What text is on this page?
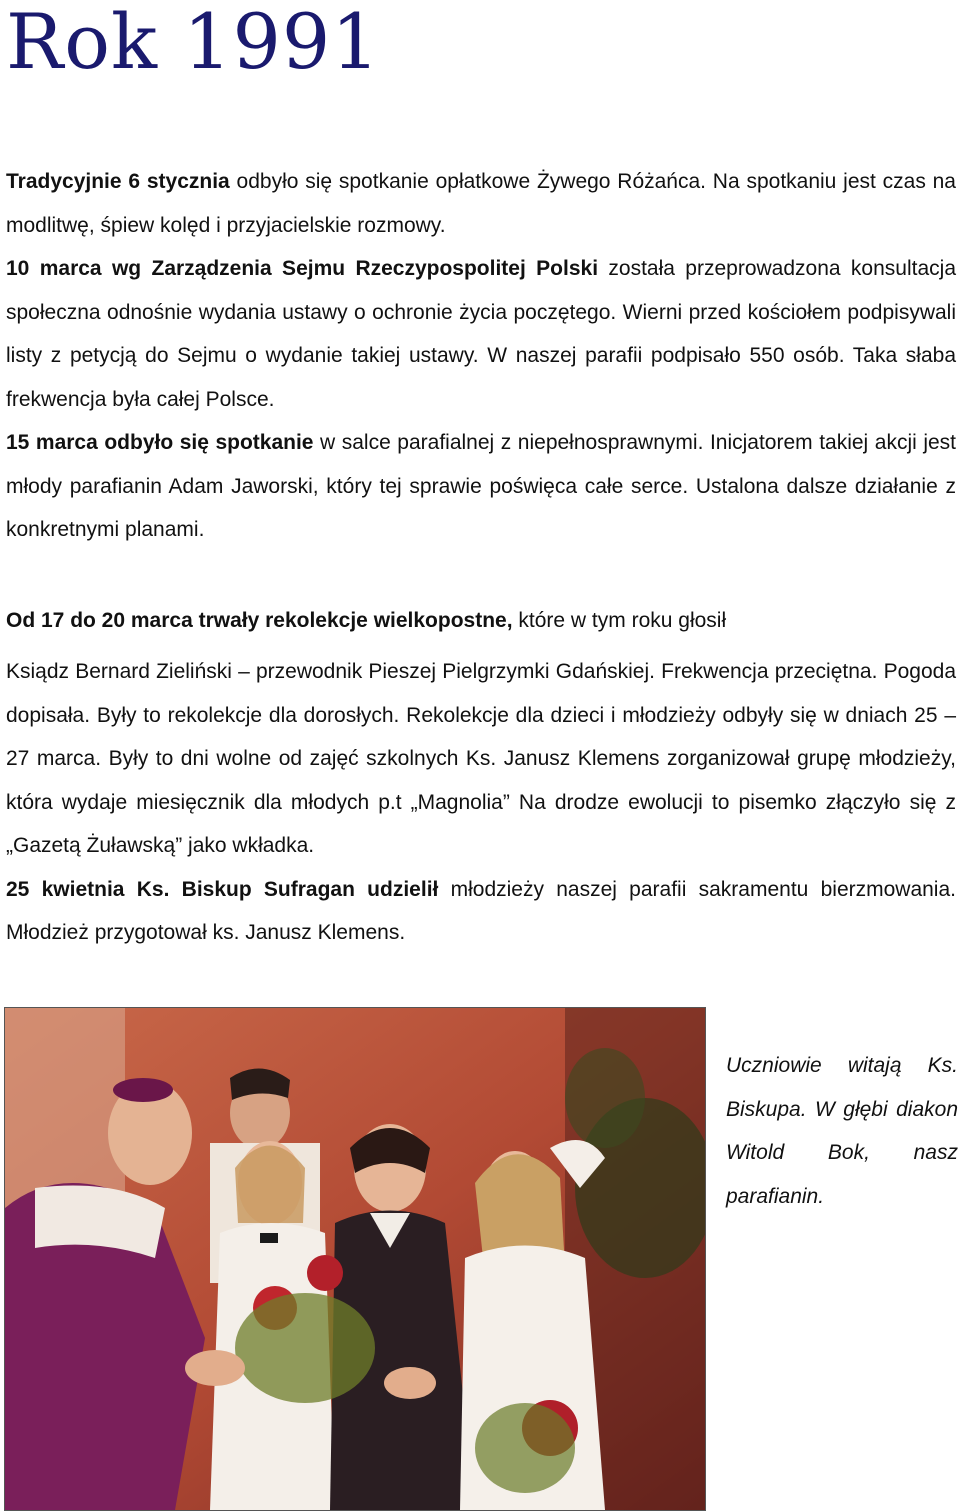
Rok 1991

Tradycyjnie 6 stycznia odbyło się spotkanie opłatkowe Żywego Różańca. Na spotkaniu jest czas na modlitwę, śpiew kolęd i przyjacielskie rozmowy.

10 marca wg Zarządzenia Sejmu Rzeczypospolitej Polski została przeprowadzona konsultacja społeczna odnośnie wydania ustawy o ochronie życia poczętego. Wierni przed kościołem podpisywali listy z petycją do Sejmu o wydanie takiej ustawy. W naszej parafii podpisało 550 osób. Taka słaba frekwencja była całej Polsce.

15 marca odbyło się spotkanie w salce parafialnej z niepełnosprawnymi. Inicjatorem takiej akcji jest młody parafianin Adam Jaworski, który tej sprawie poświęca całe serce. Ustalona dalsze działanie z konkretnymi planami.

Od 17 do 20 marca trwały rekolekcje wielkopostne, które w tym roku głosił

Ksiądz Bernard Zieliński – przewodnik Pieszej Pielgrzymki Gdańskiej. Frekwencja przeciętna. Pogoda dopisała. Były to rekolekcje dla dorosłych. Rekolekcje dla dzieci i młodzieży odbyły się w dniach 25 – 27 marca. Były to dni wolne od zajęć szkolnych Ks. Janusz Klemens zorganizował grupę młodzieży, która wydaje miesięcznik dla młodych p.t „Magnolia” Na drodze ewolucji to pisemko złączyło się z „Gazetą Żuławską” jako wkładka.

25 kwietnia Ks. Biskup Sufragan udzielił młodzieży naszej parafii sakramentu bierzmowania. Młodzież przygotował ks. Janusz Klemens.

Uczniowie witają Ks. Biskupa. W głębi diakon Witold Bok, nasz parafianin.
